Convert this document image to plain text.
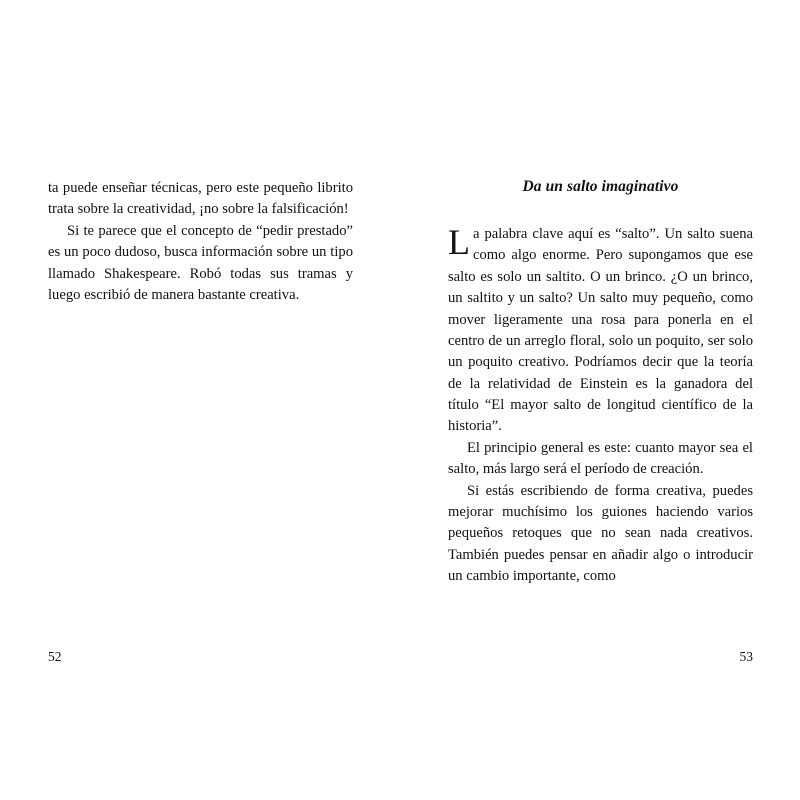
ta puede enseñar técnicas, pero este pequeño librito trata sobre la creatividad, ¡no sobre la falsificación!

Si te parece que el concepto de “pedir prestado” es un poco dudoso, busca información sobre un tipo llamado Shakespeare. Robó todas sus tramas y luego escribió de manera bastante creativa.

Da un salto imaginativo

La palabra clave aquí es “salto”. Un salto suena como algo enorme. Pero supongamos que ese salto es solo un saltito. O un brinco. ¿O un brinco, un saltito y un salto? Un salto muy pequeño, como mover ligeramente una rosa para ponerla en el centro de un arreglo floral, solo un poquito, ser solo un poquito creativo. Podríamos decir que la teoría de la relatividad de Einstein es la ganadora del título “El mayor salto de longitud científico de la historia”.

El principio general es este: cuanto mayor sea el salto, más largo será el período de creación.

Si estás escribiendo de forma creativa, puedes mejorar muchísimo los guiones haciendo varios pequeños retoques que no sean nada creativos. También puedes pensar en añadir algo o introducir un cambio importante, como

52	53
